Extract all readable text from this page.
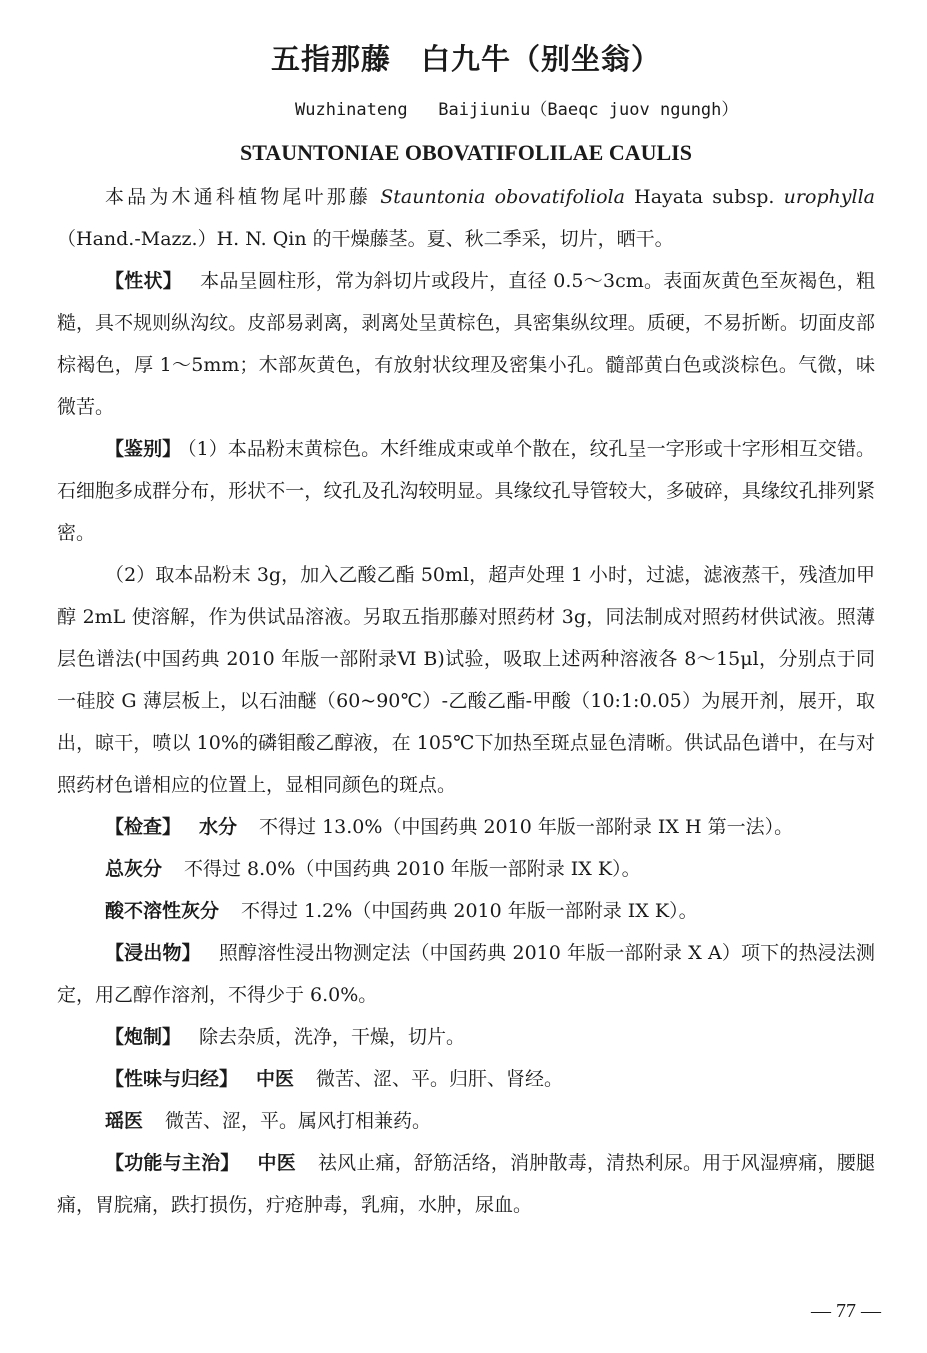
五指那藤　白九牛（别坐翁）
Wuzhinateng   Baijiuniu（Baeqc juov ngungh）
STAUNTONIAE OBOVATIFOLILAE CAULIS

本品为木通科植物尾叶那藤 Stauntonia obovatifoliola Hayata subsp. urophylla（Hand.-Mazz.）H. N. Qin 的干燥藤茎。夏、秋二季采，切片，晒干。

【性状】 本品呈圆柱形，常为斜切片或段片，直径 0.5～3cm。表面灰黄色至灰褐色，粗糙，具不规则纵沟纹。皮部易剥离，剥离处呈黄棕色，具密集纵纹理。质硬，不易折断。切面皮部棕褐色，厚 1～5mm；木部灰黄色，有放射状纹理及密集小孔。髓部黄白色或淡棕色。气微，味微苦。

【鉴别】 （1）本品粉末黄棕色。木纤维成束或单个散在，纹孔呈一字形或十字形相互交错。石细胞多成群分布，形状不一，纹孔及孔沟较明显。具缘纹孔导管较大，多破碎，具缘纹孔排列紧密。

（2）取本品粉末 3g，加入乙酸乙酯 50ml，超声处理 1 小时，过滤，滤液蒸干，残渣加甲醇 2mL 使溶解，作为供试品溶液。另取五指那藤对照药材 3g，同法制成对照药材供试液。照薄层色谱法(中国药典 2010 年版一部附录Ⅵ B)试验，吸取上述两种溶液各 8～15μl，分别点于同一硅胶 G 薄层板上，以石油醚（60~90℃）-乙酸乙酯-甲酸（10:1:0.05）为展开剂，展开，取出，晾干，喷以 10%的磷钼酸乙醇液，在 105℃下加热至斑点显色清晰。供试品色谱中，在与对照药材色谱相应的位置上，显相同颜色的斑点。

【检查】 水分 不得过 13.0%（中国药典 2010 年版一部附录 IX H 第一法）。

总灰分 不得过 8.0%（中国药典 2010 年版一部附录 IX K）。

酸不溶性灰分 不得过 1.2%（中国药典 2010 年版一部附录 IX K）。

【浸出物】 照醇溶性浸出物测定法（中国药典 2010 年版一部附录 X A）项下的热浸法测定，用乙醇作溶剂，不得少于 6.0%。

【炮制】 除去杂质，洗净，干燥，切片。

【性味与归经】 中医 微苦、涩、平。归肝、肾经。

瑶医 微苦、涩，平。属风打相兼药。

【功能与主治】 中医 祛风止痛，舒筋活络，消肿散毒，清热利尿。用于风湿痹痛，腰腿痛，胃脘痛，跌打损伤，疔疮肿毒，乳痈，水肿，尿血。

— 77 —
